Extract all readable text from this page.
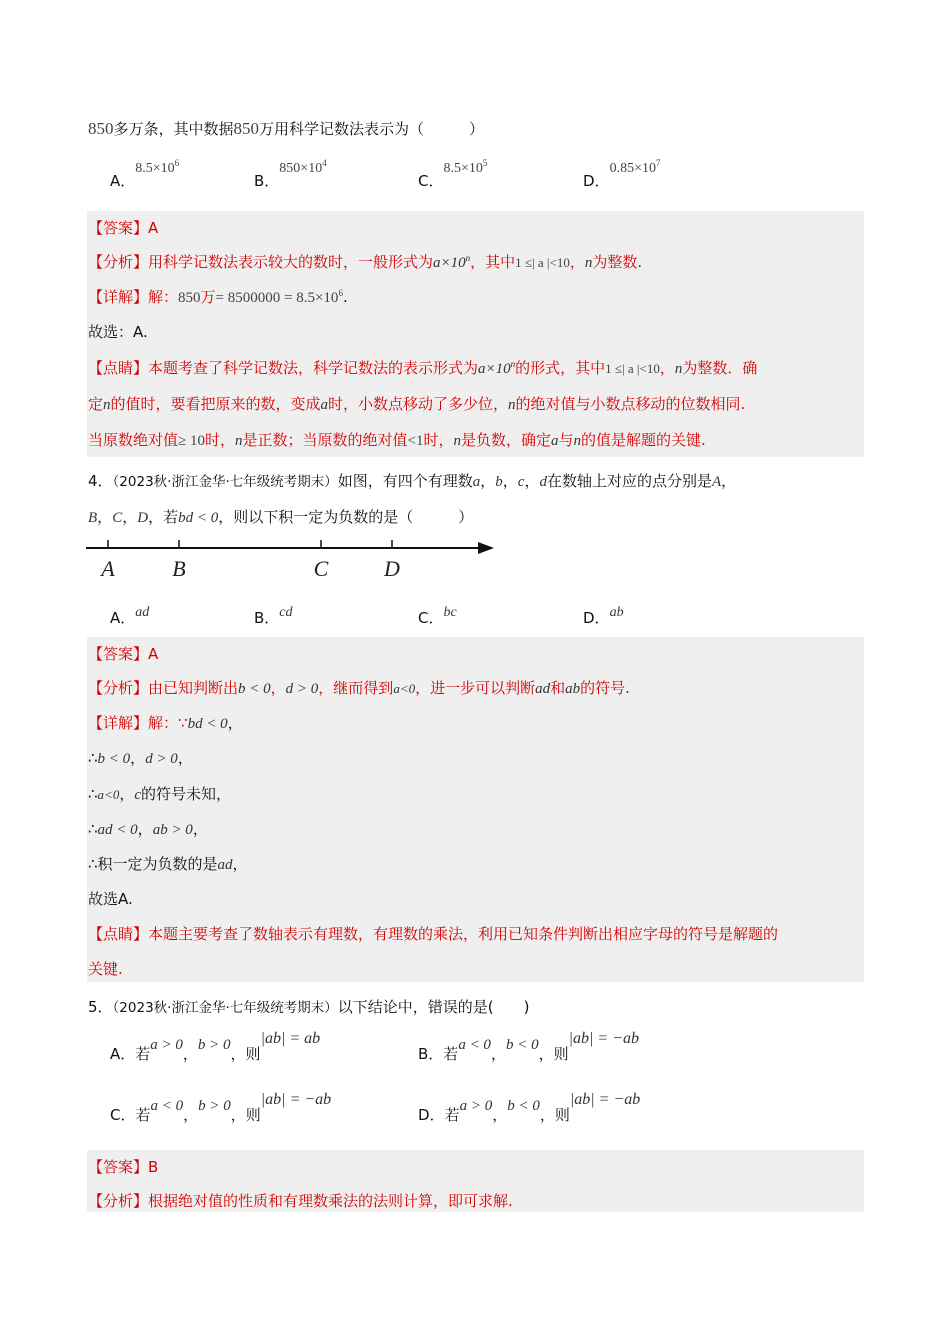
850多万条，其中数据850万用科学记数法表示为（　　　）
A．$8.5\times 10^6$
B．$850\times 10^4$
C．$8.5\times 10^5$
D．$0.85\times 10^7$
【答案】A
【分析】用科学记数法表示较大的数时，一般形式为$a\times 10^n$，其中1 ≤| a |<10，n为整数.
【详解】解：850万= $8500000 = 8.5\times 10^6$.
故选：A.
【点睛】本题考查了科学记数法，科学记数法的表示形式为$a\times 10^n$的形式，其中1 ≤| a |<10，n为整数．确
定n的值时，要看把原来的数，变成a时，小数点移动了多少位，n的绝对值与小数点移动的位数相同.
当原数绝对值≥ 10时，n是正数；当原数的绝对值<1时，n是负数，确定a与n的值是解题的关键.
4．（2023秋·浙江金华·七年级统考期末）如图，有四个有理数a，b，c，d在数轴上对应的点分别是A，
B，C，D，若bd < 0，则以下积一定为负数的是（　　　）
A	B	C	D
A．ad	B．cd	C．bc	D．ab
【答案】A
【分析】由已知判断出b < 0，d > 0，继而得到a<0，进一步可以判断ad和ab的符号.
【详解】解：∵bd < 0，
∴b < 0，d > 0，
∴a<0，c的符号未知，
∴ad < 0，ab > 0，
∴积一定为负数的是ad，
故选A.
【点睛】本题主要考查了数轴表示有理数，有理数的乘法，利用已知条件判断出相应字母的符号是解题的
关键.
5．（2023秋·浙江金华·七年级统考期末）以下结论中，错误的是(　　)
A．若a > 0，b > 0，则|ab| = ab
B．若a < 0，b < 0，则|ab| = −ab
C．若a < 0，b > 0，则|ab| = −ab
D．若a > 0，b < 0，则|ab| = −ab
【答案】B
【分析】根据绝对值的性质和有理数乘法的法则计算，即可求解.
